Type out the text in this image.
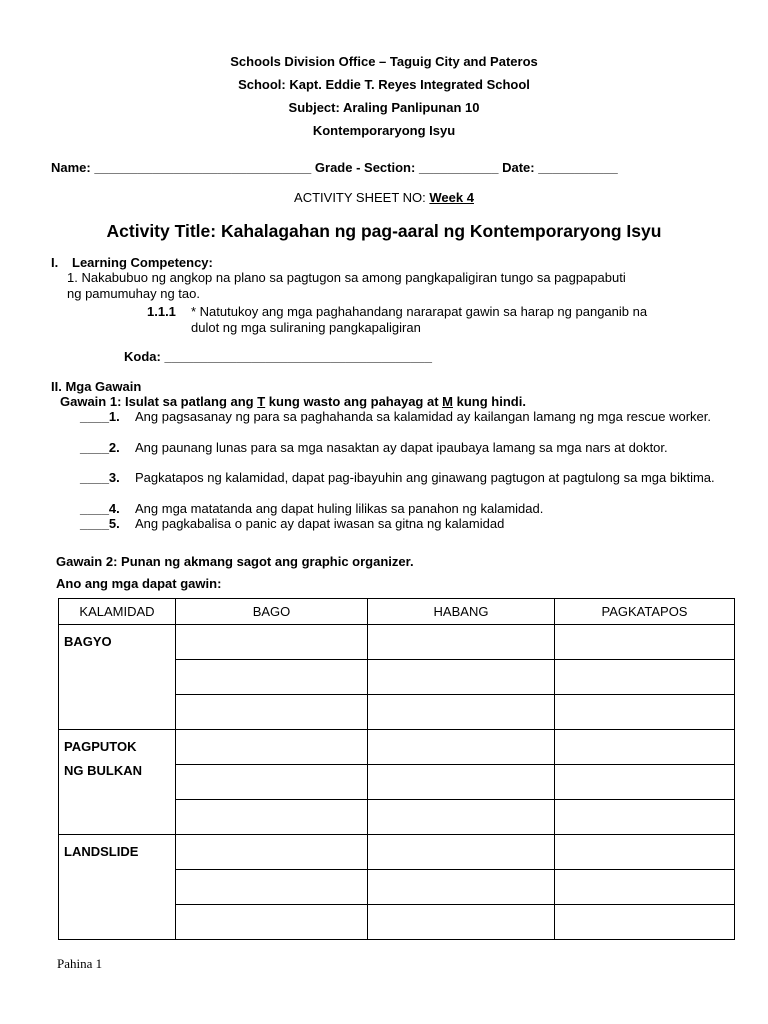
Schools Division Office – Taguig City and Pateros
School: Kapt. Eddie T. Reyes Integrated School
Subject: Araling Panlipunan 10
Kontemporaryong Isyu
Name: ______________________________ Grade - Section: ___________ Date: ___________
ACTIVITY SHEET NO: Week 4
Activity Title: Kahalagahan ng pag-aaral ng Kontemporaryong Isyu
I. Learning Competency:
1. Nakabubuo ng angkop na plano sa pagtugon sa among pangkapaligiran tungo sa pagpapabuti
ng pamumuhay ng tao.
1.1.1 * Natutukoy ang mga paghahandang nararapat gawin sa harap ng panganib na
dulot ng mga suliraning pangkapaligiran
Koda: _____________________________________
II. Mga Gawain
Gawain 1: Isulat sa patlang ang T kung wasto ang pahayag at M kung hindi.
____1. Ang pagsasanay ng para sa paghahanda sa kalamidad ay kailangan lamang ng mga rescue worker.
____2. Ang paunang lunas para sa mga nasaktan ay dapat ipaubaya lamang sa mga nars at doktor.
____3. Pagkatapos ng kalamidad, dapat pag-ibayuhin ang ginawang pagtugon at pagtulong sa mga biktima.
____4. Ang mga matatanda ang dapat huling lilikas sa panahon ng kalamidad.
____5. Ang pagkabalisa o panic ay dapat iwasan sa gitna ng kalamidad
Gawain 2: Punan ng akmang sagot ang graphic organizer.
Ano ang mga dapat gawin:
KALAMIDAD	BAGO	HABANG	PAGKATAPOS

BAGYO			

PAGPUTOK
NG BULKAN			

LANDSLIDE			

Pahina 1
